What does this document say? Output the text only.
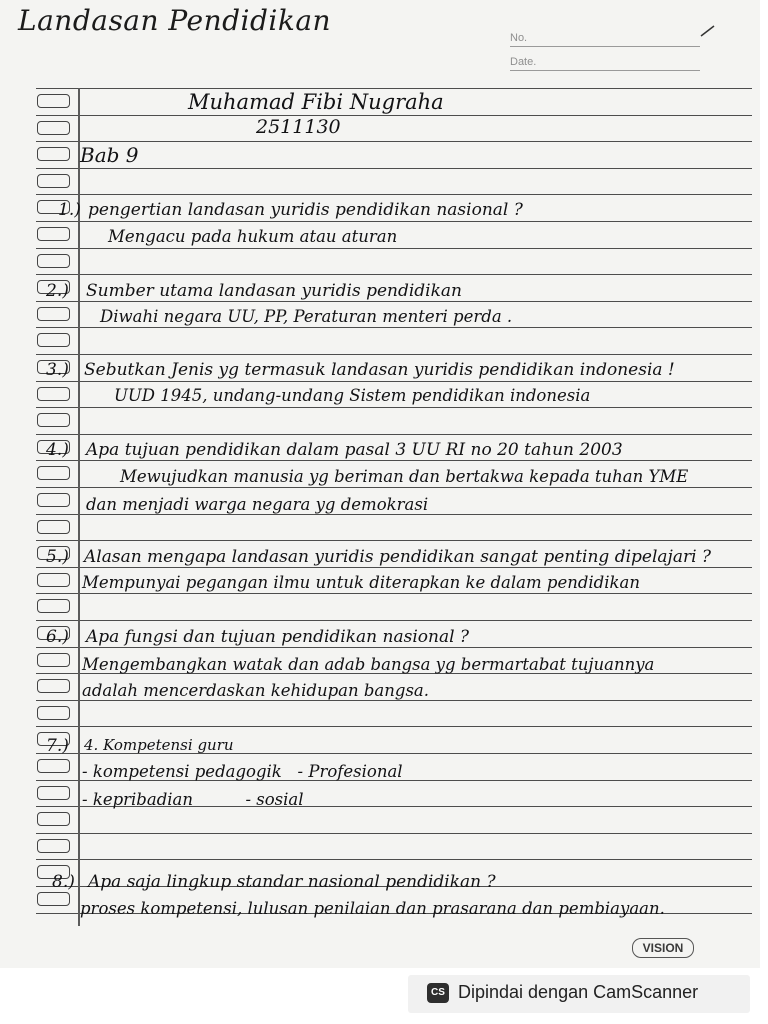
Landasan Pendidikan
No.
Date.
Muhamad Fibi Nugraha
2511130
Bab 9
1.) pengertian landasan yuridis pendidikan nasional ?
Mengacu pada hukum atau aturan
2.) Sumber utama landasan yuridis pendidikan
Diwahi negara UU, PP, Peraturan menteri perda .
3.) Sebutkan Jenis yg termasuk landasan yuridis pendidikan indonesia !
UUD 1945, undang-undang Sistem pendidikan indonesia
4.) Apa tujuan pendidikan dalam pasal 3 UU RI no 20 tahun 2003
Mewujudkan manusia yg beriman dan bertakwa kepada tuhan YME
dan menjadi warga negara yg demokrasi
5.) Alasan mengapa landasan yuridis pendidikan sangat penting dipelajari ?
Mempunyai pegangan ilmu untuk diterapkan ke dalam pendidikan
6.) Apa fungsi dan tujuan pendidikan nasional ?
Mengembangkan watak dan adab bangsa yg bermartabat tujuannya
adalah mencerdaskan kehidupan bangsa.
7.) 4. Kompetensi guru
- kompetensi pedagogik   - Profesional
- kepribadian          - sosial
8.) Apa saja lingkup standar nasional pendidikan ?
proses kompetensi, lulusan penilaian dan prasarana dan pembiayaan.
VISION
CS Dipindai dengan CamScanner
